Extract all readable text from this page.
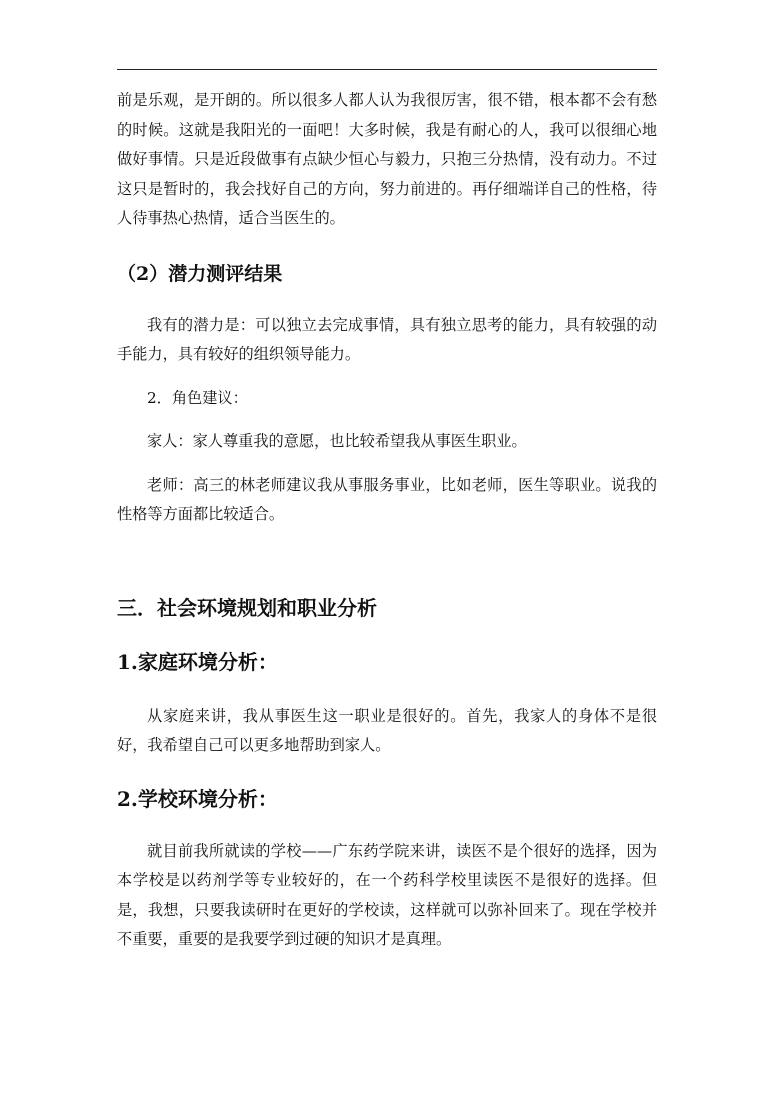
前是乐观，是开朗的。所以很多人都人认为我很厉害，很不错，根本都不会有愁的时候。这就是我阳光的一面吧！大多时候，我是有耐心的人，我可以很细心地做好事情。只是近段做事有点缺少恒心与毅力，只抱三分热情，没有动力。不过这只是暂时的，我会找好自己的方向，努力前进的。再仔细端详自己的性格，待人待事热心热情，适合当医生的。

（2）潜力测评结果

我有的潜力是：可以独立去完成事情，具有独立思考的能力，具有较强的动手能力，具有较好的组织领导能力。

2．角色建议：

家人：家人尊重我的意愿，也比较希望我从事医生职业。

老师：高三的林老师建议我从事服务事业，比如老师，医生等职业。说我的性格等方面都比较适合。

三．社会环境规划和职业分析
1.家庭环境分析：

从家庭来讲，我从事医生这一职业是很好的。首先，我家人的身体不是很好，我希望自己可以更多地帮助到家人。

2.学校环境分析：

就目前我所就读的学校——广东药学院来讲，读医不是个很好的选择，因为本学校是以药剂学等专业较好的，在一个药科学校里读医不是很好的选择。但是，我想，只要我读研时在更好的学校读，这样就可以弥补回来了。现在学校并不重要，重要的是我要学到过硬的知识才是真理。
